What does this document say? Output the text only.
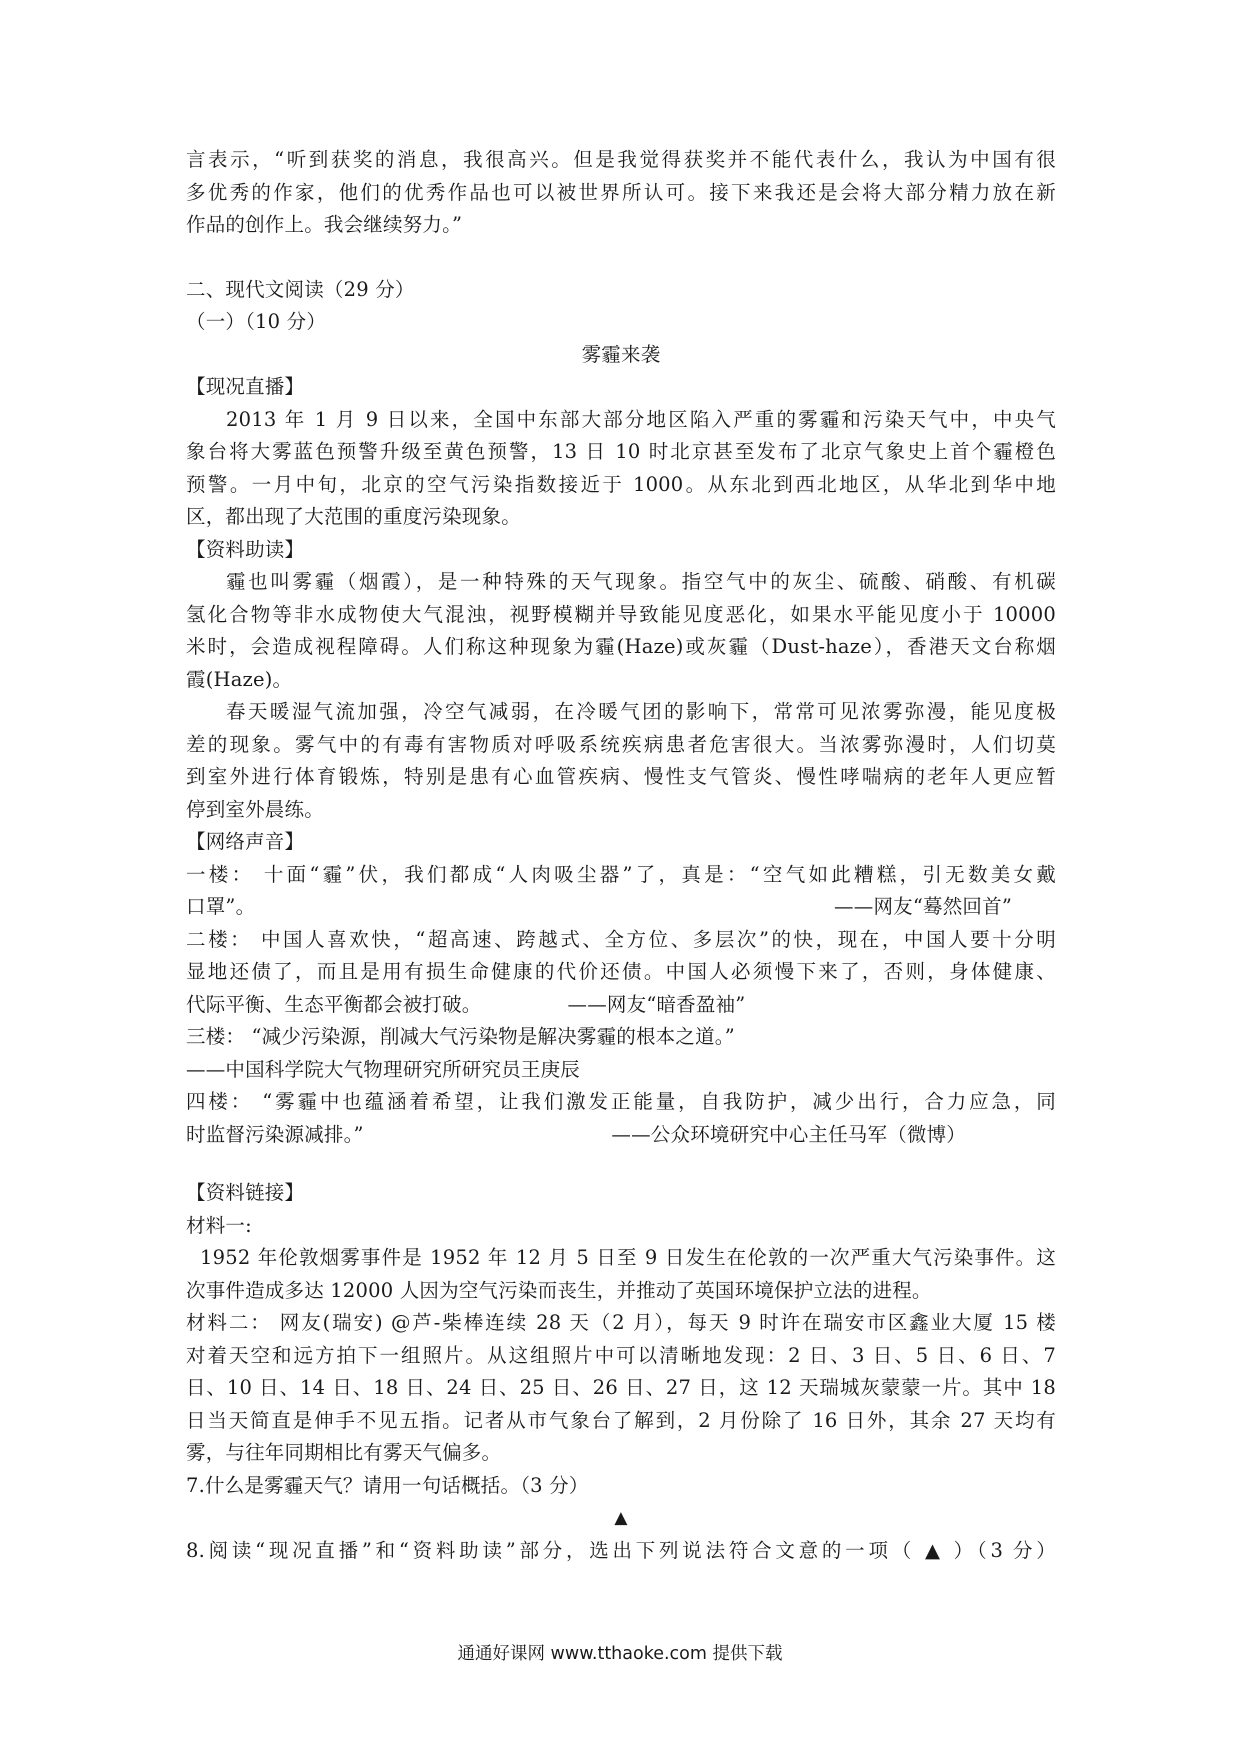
言表示，“听到获奖的消息，我很高兴。但是我觉得获奖并不能代表什么，我认为中国有很
多优秀的作家，他们的优秀作品也可以被世界所认可。接下来我还是会将大部分精力放在新
作品的创作上。我会继续努力。”
二、现代文阅读（29 分）
（一）（10 分）
雾霾来袭
【现况直播】
2013 年 1 月 9 日以来，全国中东部大部分地区陷入严重的雾霾和污染天气中，中央气
象台将大雾蓝色预警升级至黄色预警，13 日 10 时北京甚至发布了北京气象史上首个霾橙色
预警。一月中旬，北京的空气污染指数接近于 1000。从东北到西北地区，从华北到华中地
区，都出现了大范围的重度污染现象。
【资料助读】
霾也叫雾霾（烟霞），是一种特殊的天气现象。指空气中的灰尘、硫酸、硝酸、有机碳
氢化合物等非水成物使大气混浊，视野模糊并导致能见度恶化，如果水平能见度小于 10000
米时，会造成视程障碍。人们称这种现象为霾(Haze)或灰霾（Dust-haze），香港天文台称烟
霞(Haze)。
春天暖湿气流加强，冷空气减弱，在冷暖气团的影响下，常常可见浓雾弥漫，能见度极
差的现象。雾气中的有毒有害物质对呼吸系统疾病患者危害很大。当浓雾弥漫时，人们切莫
到室外进行体育锻炼，特别是患有心血管疾病、慢性支气管炎、慢性哮喘病的老年人更应暂
停到室外晨练。
【网络声音】
一楼： 十面“霾”伏，我们都成“人肉吸尘器”了，真是：“空气如此糟糕，引无数美女戴
口罩”。	——网友“蓦然回首”
二楼： 中国人喜欢快，“超高速、跨越式、全方位、多层次”的快，现在，中国人要十分明
显地还债了，而且是用有损生命健康的代价还债。中国人必须慢下来了，否则，身体健康、
代际平衡、生态平衡都会被打破。	——网友“暗香盈袖”
三楼： “减少污染源，削减大气污染物是解决雾霾的根本之道。”
——中国科学院大气物理研究所研究员王庚辰
四楼： “雾霾中也蕴涵着希望，让我们激发正能量，自我防护，减少出行，合力应急，同
时监督污染源减排。”	——公众环境研究中心主任马军（微博）
【资料链接】
材料一:
1952 年伦敦烟雾事件是 1952 年 12 月 5 日至 9 日发生在伦敦的一次严重大气污染事件。这
次事件造成多达 12000 人因为空气污染而丧生，并推动了英国环境保护立法的进程。
材料二： 网友(瑞安) @芦-柴棒连续 28 天（2 月），每天 9 时许在瑞安市区鑫业大厦 15 楼
对着天空和远方拍下一组照片。从这组照片中可以清晰地发现：2 日、3 日、5 日、6 日、7
日、10 日、14 日、18 日、24 日、25 日、26 日、27 日，这 12 天瑞城灰蒙蒙一片。其中 18
日当天简直是伸手不见五指。记者从市气象台了解到，2 月份除了 16 日外，其余 27 天均有
雾，与往年同期相比有雾天气偏多。
7.什么是雾霾天气？请用一句话概括。（3 分）
▲
8.阅读“现况直播”和“资料助读”部分，选出下列说法符合文意的一项（ ▲ ）（3 分）
通通好课网 www.tthaoke.com 提供下载
